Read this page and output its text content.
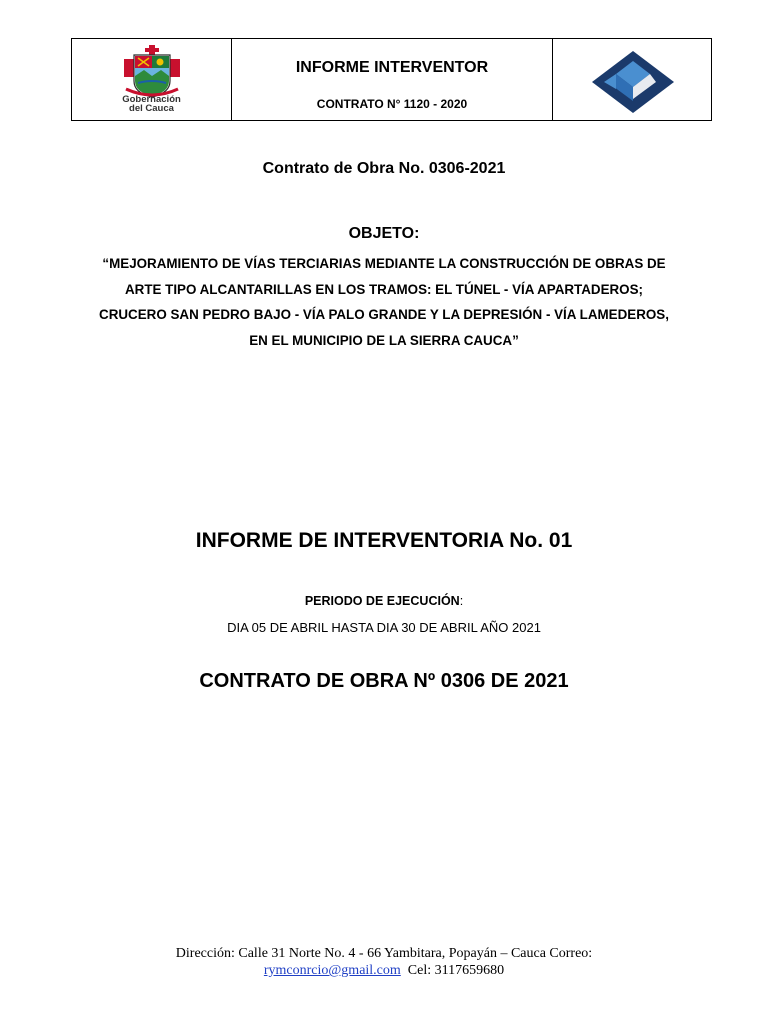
Gobernación
del Cauca
INFORME INTERVENTOR
CONTRATO N° 1120 - 2020
Contrato de Obra No. 0306-2021
OBJETO:
“MEJORAMIENTO DE VÍAS TERCIARIAS MEDIANTE LA CONSTRUCCIÓN DE OBRAS DE
ARTE TIPO ALCANTARILLAS EN LOS TRAMOS: EL TÚNEL - VÍA APARTADEROS;
CRUCERO SAN PEDRO BAJO - VÍA PALO GRANDE Y LA DEPRESIÓN - VÍA LAMEDEROS,
EN EL MUNICIPIO DE LA SIERRA CAUCA”
INFORME DE INTERVENTORIA No. 01
PERIODO DE EJECUCIÓN:
DIA 05 DE ABRIL HASTA DIA 30 DE ABRIL AÑO 2021
CONTRATO DE OBRA Nº 0306 DE 2021
Dirección: Calle 31 Norte No. 4 - 66 Yambitara, Popayán – Cauca Correo:
rymconrcio@gmail.com Cel: 3117659680
